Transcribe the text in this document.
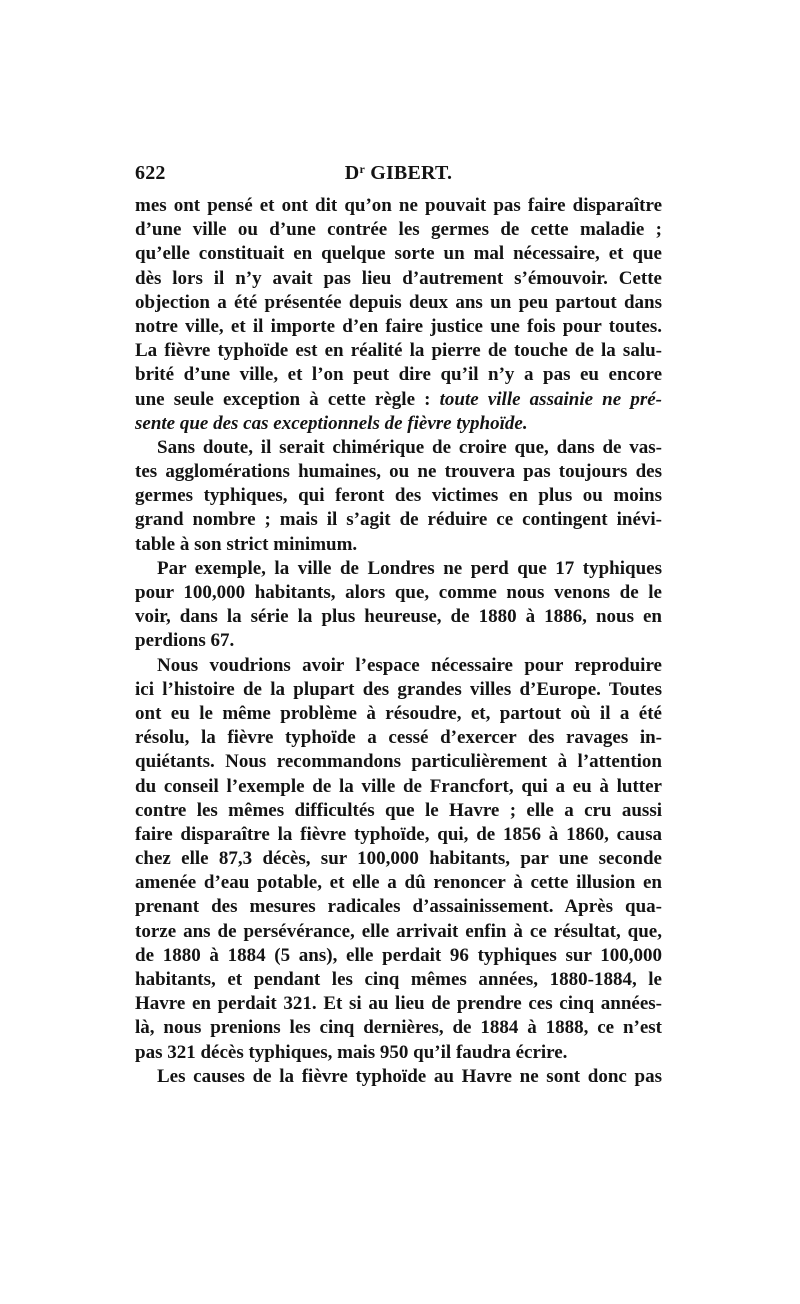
622	$D^r$ GIBERT.
mes ont pensé et ont dit qu’on ne pouvait pas faire disparaître
d’une ville ou d’une contrée les germes de cette maladie ;
qu’elle constituait en quelque sorte un mal nécessaire, et que
dès lors il n’y avait pas lieu d’autrement s’émouvoir. Cette
objection a été présentée depuis deux ans un peu partout dans
notre ville, et il importe d’en faire justice une fois pour toutes.
La fièvre typhoïde est en réalité la pierre de touche de la salu-
brité d’une ville, et l’on peut dire qu’il n’y a pas eu encore
une seule exception à cette règle : toute ville assainie ne pré-
sente que des cas exceptionnels de fièvre typhoïde.
Sans doute, il serait chimérique de croire que, dans de vas-
tes agglomérations humaines, ou ne trouvera pas toujours des
germes typhiques, qui feront des victimes en plus ou moins
grand nombre ; mais il s’agit de réduire ce contingent inévi-
table à son strict minimum.
Par exemple, la ville de Londres ne perd que 17 typhiques
pour 100,000 habitants, alors que, comme nous venons de le
voir, dans la série la plus heureuse, de 1880 à 1886, nous en
perdions 67.
Nous voudrions avoir l’espace nécessaire pour reproduire
ici l’histoire de la plupart des grandes villes d’Europe. Toutes
ont eu le même problème à résoudre, et, partout où il a été
résolu, la fièvre typhoïde a cessé d’exercer des ravages in-
quiétants. Nous recommandons particulièrement à l’attention
du conseil l’exemple de la ville de Francfort, qui a eu à lutter
contre les mêmes difficultés que le Havre ; elle a cru aussi
faire disparaître la fièvre typhoïde, qui, de 1856 à 1860, causa
chez elle 87,3 décès, sur 100,000 habitants, par une seconde
amenée d’eau potable, et elle a dû renoncer à cette illusion en
prenant des mesures radicales d’assainissement. Après qua-
torze ans de persévérance, elle arrivait enfin à ce résultat, que,
de 1880 à 1884 (5 ans), elle perdait 96 typhiques sur 100,000
habitants, et pendant les cinq mêmes années, 1880-1884, le
Havre en perdait 321. Et si au lieu de prendre ces cinq années-
là, nous prenions les cinq dernières, de 1884 à 1888, ce n’est
pas 321 décès typhiques, mais 950 qu’il faudra écrire.
Les causes de la fièvre typhoïde au Havre ne sont donc pas
